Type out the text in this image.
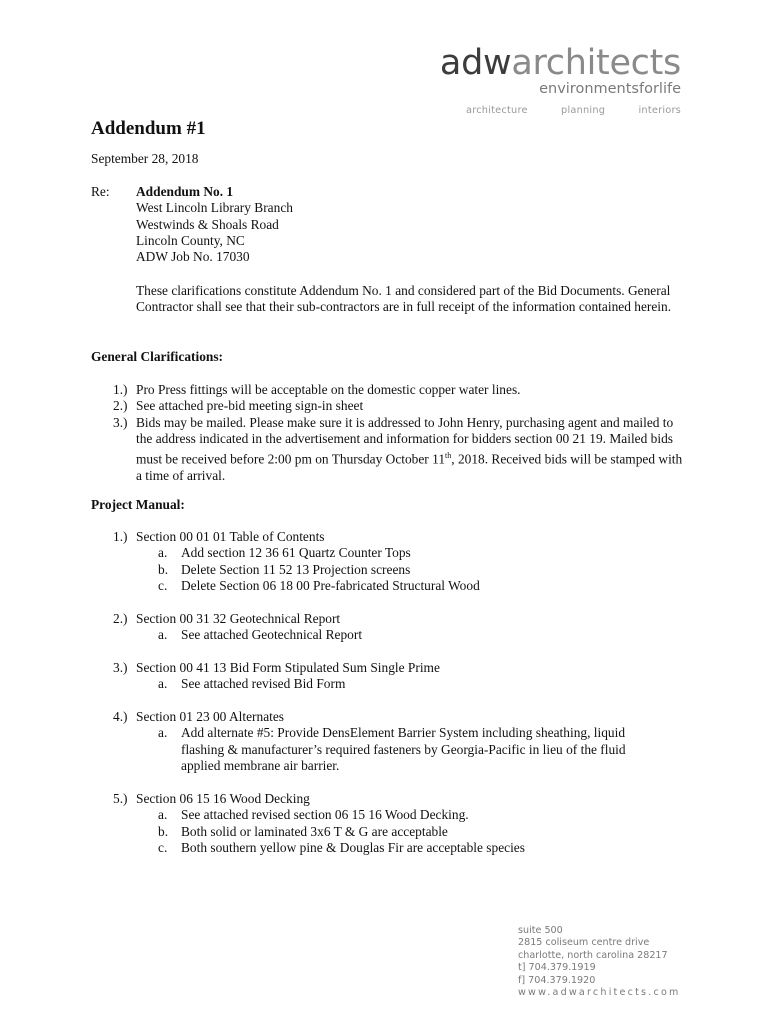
adwarchitects
environmentsforlife
architecture	planning	interiors
Addendum #1
September 28, 2018
Re: Addendum No. 1
West Lincoln Library Branch
Westwinds & Shoals Road
Lincoln County, NC
ADW Job No. 17030
These clarifications constitute Addendum No. 1 and considered part of the Bid Documents. General Contractor shall see that their sub-contractors are in full receipt of the information contained herein.
General Clarifications:
1.) Pro Press fittings will be acceptable on the domestic copper water lines.
2.) See attached pre-bid meeting sign-in sheet
3.) Bids may be mailed. Please make sure it is addressed to John Henry, purchasing agent and mailed to the address indicated in the advertisement and information for bidders section 00 21 19. Mailed bids must be received before 2:00 pm on Thursday October 11th, 2018. Received bids will be stamped with a time of arrival.
Project Manual:
1.) Section 00 01 01 Table of Contents
a.	Add section 12 36 61 Quartz Counter Tops
b. Delete Section 11 52 13 Projection screens
c.	Delete Section 06 18 00 Pre-fabricated Structural Wood
2.) Section 00 31 32 Geotechnical Report
a.	See attached Geotechnical Report
3.) Section 00 41 13 Bid Form Stipulated Sum Single Prime
a.	See attached revised Bid Form
4.) Section 01 23 00 Alternates
a.	Add alternate #5: Provide DensElement Barrier System including sheathing, liquid flashing & manufacturer’s required fasteners by Georgia-Pacific in lieu of the fluid applied membrane air barrier.
5.) Section 06 15 16 Wood Decking
a.	See attached revised section 06 15 16 Wood Decking.
b. Both solid or laminated 3x6 T & G are acceptable
c.	Both southern yellow pine & Douglas Fir are acceptable species
suite 500
2815 coliseum centre drive
charlotte, north carolina 28217
t] 704.379.1919
f] 704.379.1920
www.adwarchitects.com
